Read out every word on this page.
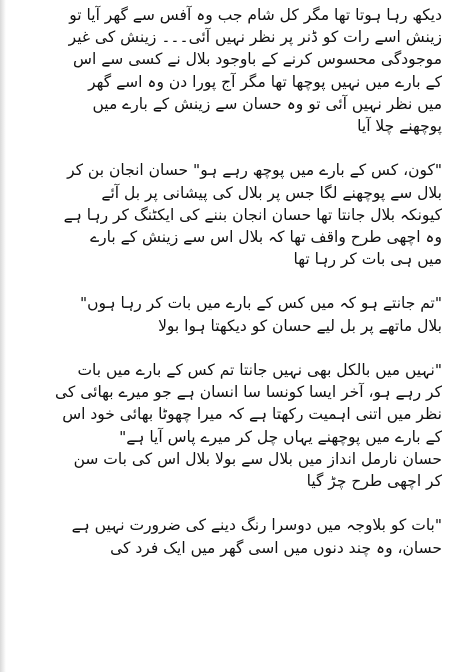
دیکھ رہا ہوتا تھا مگر کل شام جب وہ آفس سے گھر آیا تو
زینش اسے رات کو ڈنر پر نظر نہیں آئی۔۔۔ زینش کی غیر
موجودگی محسوس کرنے کے باوجود بلال نے کسی سے اس
کے بارے میں نہیں پوچھا تھا مگر آج پورا دن وہ اسے گھر
میں نظر نہیں آئی تو وہ حسان سے زینش کے بارے میں
پوچھنے چلا آیا
"کون، کس کے بارے میں پوچھ رہے ہو" حسان انجان بن کر
بلال سے پوچھنے لگا جس پر بلال کی پیشانی پر بل آئے
کیونکہ بلال جانتا تھا حسان انجان بننے کی ایکٹنگ کر رہا ہے
وہ اچھی طرح واقف تھا کہ بلال اس سے زینش کے بارے
میں ہی بات کر رہا تھا
"تم جانتے ہو کہ میں کس کے بارے میں بات کر رہا ہوں"
بلال ماتھے پر بل لیے حسان کو دیکھتا ہوا بولا
"نہیں میں بالکل بھی نہیں جانتا تم کس کے بارے میں بات
کر رہے ہو، آخر ایسا کونسا سا انسان ہے جو میرے بھائی کی
نظر میں اتنی اہمیت رکھتا ہے کہ میرا چھوٹا بھائی خود اس
کے بارے میں پوچھنے یہاں چل کر میرے پاس آیا ہے"
حسان نارمل انداز میں بلال سے بولا بلال اس کی بات سن
کر اچھی طرح چڑ گیا
"بات کو بلاوجہ میں دوسرا رنگ دینے کی ضرورت نہیں ہے
حسان، وہ چند دنوں میں اسی گھر میں ایک فرد کی
